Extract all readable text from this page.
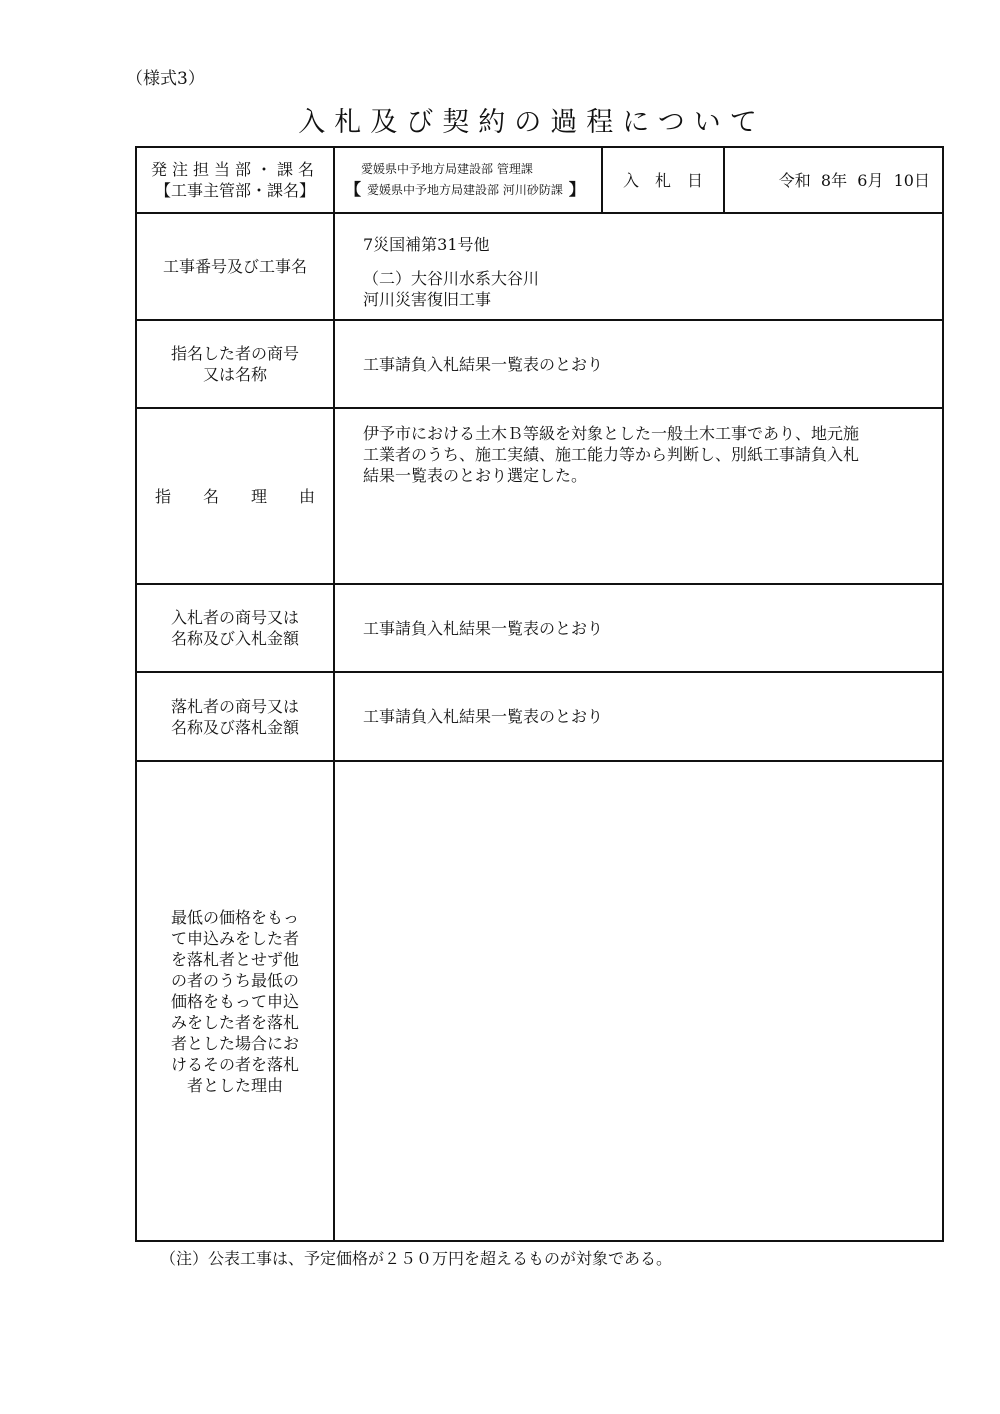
（様式3）
入札及び契約の過程について
発注担当部・課名
【工事主管部・課名】
愛媛県中予地方局建設部 管理課
【 愛媛県中予地方局建設部 河川砂防課 】	入　札　日	令和  8年  6月  10日
工事番号及び工事名
7災国補第31号他
（二）大谷川水系大谷川
河川災害復旧工事
指名した者の商号
又は名称
工事請負入札結果一覧表のとおり
指　　名　　理　　由
伊予市における土木Ｂ等級を対象とした一般土木工事であり、地元施
工業者のうち、施工実績、施工能力等から判断し、別紙工事請負入札
結果一覧表のとおり選定した。
入札者の商号又は
名称及び入札金額
工事請負入札結果一覧表のとおり
落札者の商号又は
名称及び落札金額
工事請負入札結果一覧表のとおり
最低の価格をもっ
て申込みをした者
を落札者とせず他
の者のうち最低の
価格をもって申込
みをした者を落札
者とした場合にお
けるその者を落札
者とした理由
（注）公表工事は、予定価格が２５０万円を超えるものが対象である。
